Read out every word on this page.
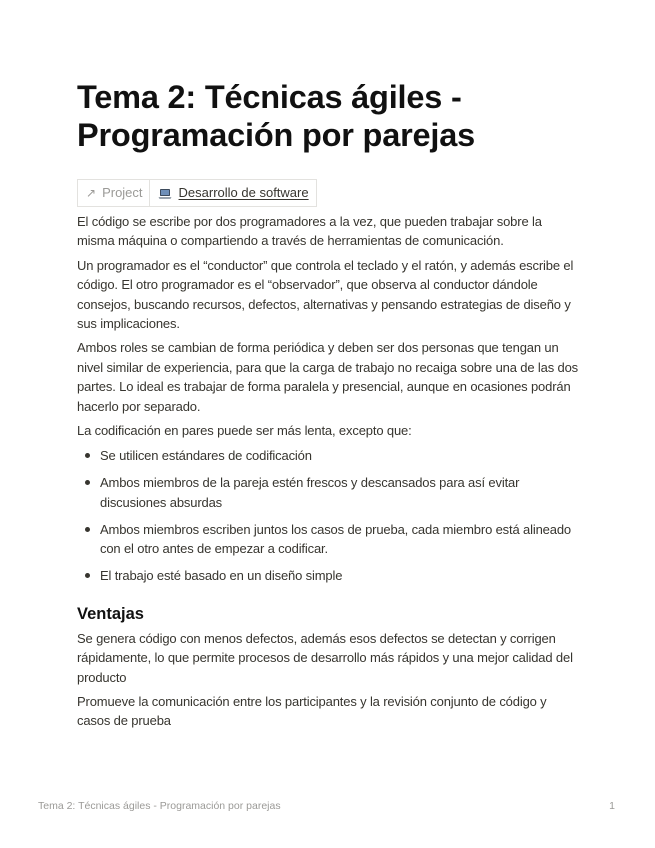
Tema 2: Técnicas ágiles - Programación por parejas
↗ Project	Desarrollo de software

El código se escribe por dos programadores a la vez, que pueden trabajar sobre la misma máquina o compartiendo a través de herramientas de comunicación.

Un programador es el “conductor” que controla el teclado y el ratón, y además escribe el código. El otro programador es el “observador”, que observa al conductor dándole consejos, buscando recursos, defectos, alternativas y pensando estrategias de diseño y sus implicaciones.

Ambos roles se cambian de forma periódica y deben ser dos personas que tengan un nivel similar de experiencia, para que la carga de trabajo no recaiga sobre una de las dos partes. Lo ideal es trabajar de forma paralela y presencial, aunque en ocasiones podrán hacerlo por separado.

La codificación en pares puede ser más lenta, excepto que:

Se utilicen estándares de codificación
Ambos miembros de la pareja estén frescos y descansados para así evitar discusiones absurdas
Ambos miembros escriben juntos los casos de prueba, cada miembro está alineado con el otro antes de empezar a codificar.
El trabajo esté basado en un diseño simple
Ventajas

Se genera código con menos defectos, además esos defectos se detectan y corrigen rápidamente, lo que permite procesos de desarrollo más rápidos y una mejor calidad del producto

Promueve la comunicación entre los participantes y la revisión conjunto de código y casos de prueba

Tema 2: Técnicas ágiles - Programación por parejas	1
